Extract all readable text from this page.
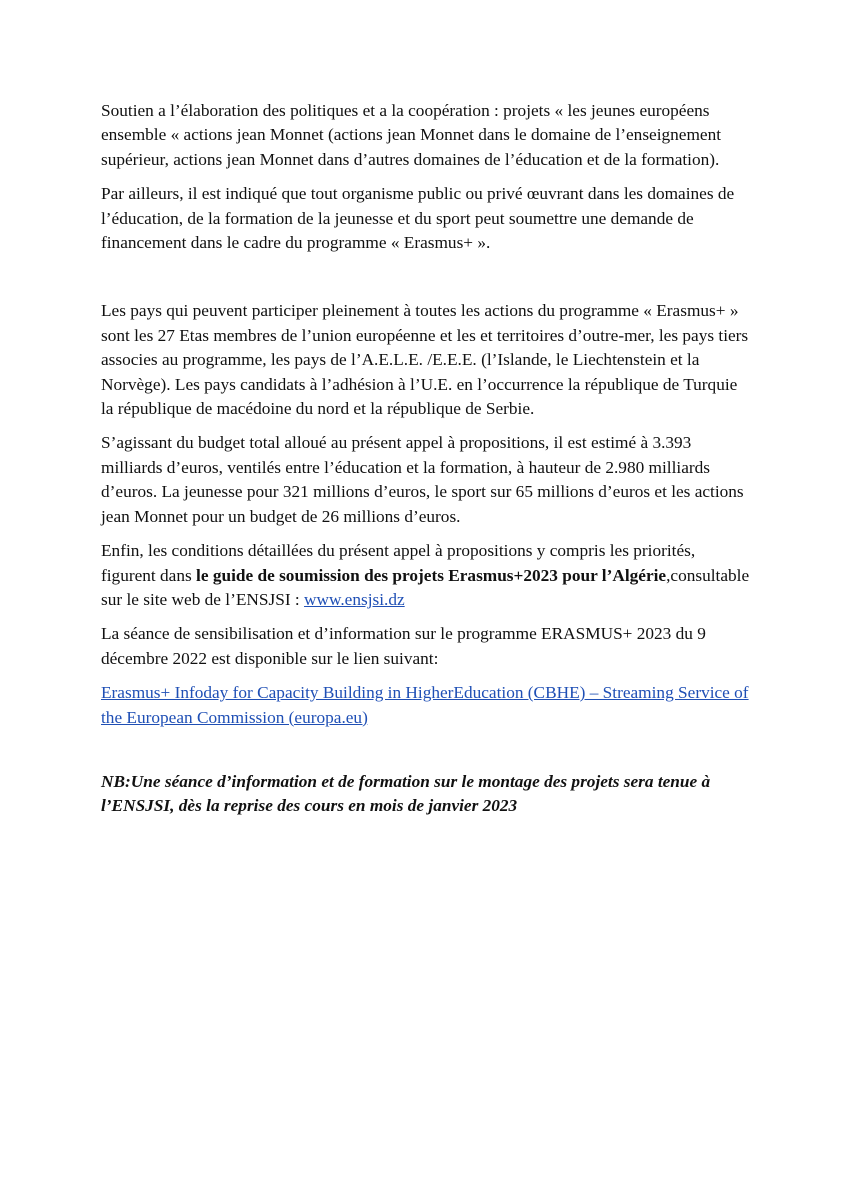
Soutien a l’élaboration des politiques et a la coopération : projets « les jeunes européens ensemble « actions jean Monnet (actions jean Monnet dans le domaine de l’enseignement supérieur, actions jean Monnet dans d’autres domaines de l’éducation et de la formation).

Par ailleurs, il est indiqué que tout organisme public ou privé œuvrant dans les domaines de l’éducation, de la formation de la jeunesse et du sport peut soumettre une demande de financement dans le cadre du programme « Erasmus+ ».

Les pays qui peuvent participer pleinement à toutes les actions du programme « Erasmus+ » sont les 27 Etas membres de l’union européenne et les et territoires d’outre-mer, les pays tiers associes au programme, les pays de l’A.E.L.E. /E.E.E. (l’Islande, le Liechtenstein et la Norvège). Les pays candidats à l’adhésion à l’U.E. en l’occurrence la république de Turquie la république de macédoine du nord et la république de Serbie.

S’agissant du budget total alloué au présent appel à propositions, il est estimé à 3.393 milliards d’euros, ventilés entre l’éducation et la formation, à hauteur de 2.980 milliards d’euros. La jeunesse pour 321 millions d’euros, le sport sur 65 millions d’euros et les actions jean Monnet pour un budget de 26 millions d’euros.

Enfin, les conditions détaillées du présent appel à propositions y compris les priorités, figurent dans le guide de soumission des projets Erasmus+2023 pour l’Algérie,consultable sur le site web de l’ENSJSI : www.ensjsi.dz

La séance de sensibilisation et d’information sur le programme ERASMUS+ 2023 du 9 décembre 2022 est disponible sur le lien suivant:

Erasmus+ Infoday for Capacity Building in HigherEducation (CBHE) – Streaming Service of the European Commission (europa.eu)

NB:Une séance d’information et de formation sur le montage des projets sera tenue à l’ENSJSI, dès la reprise des cours en mois de janvier 2023
